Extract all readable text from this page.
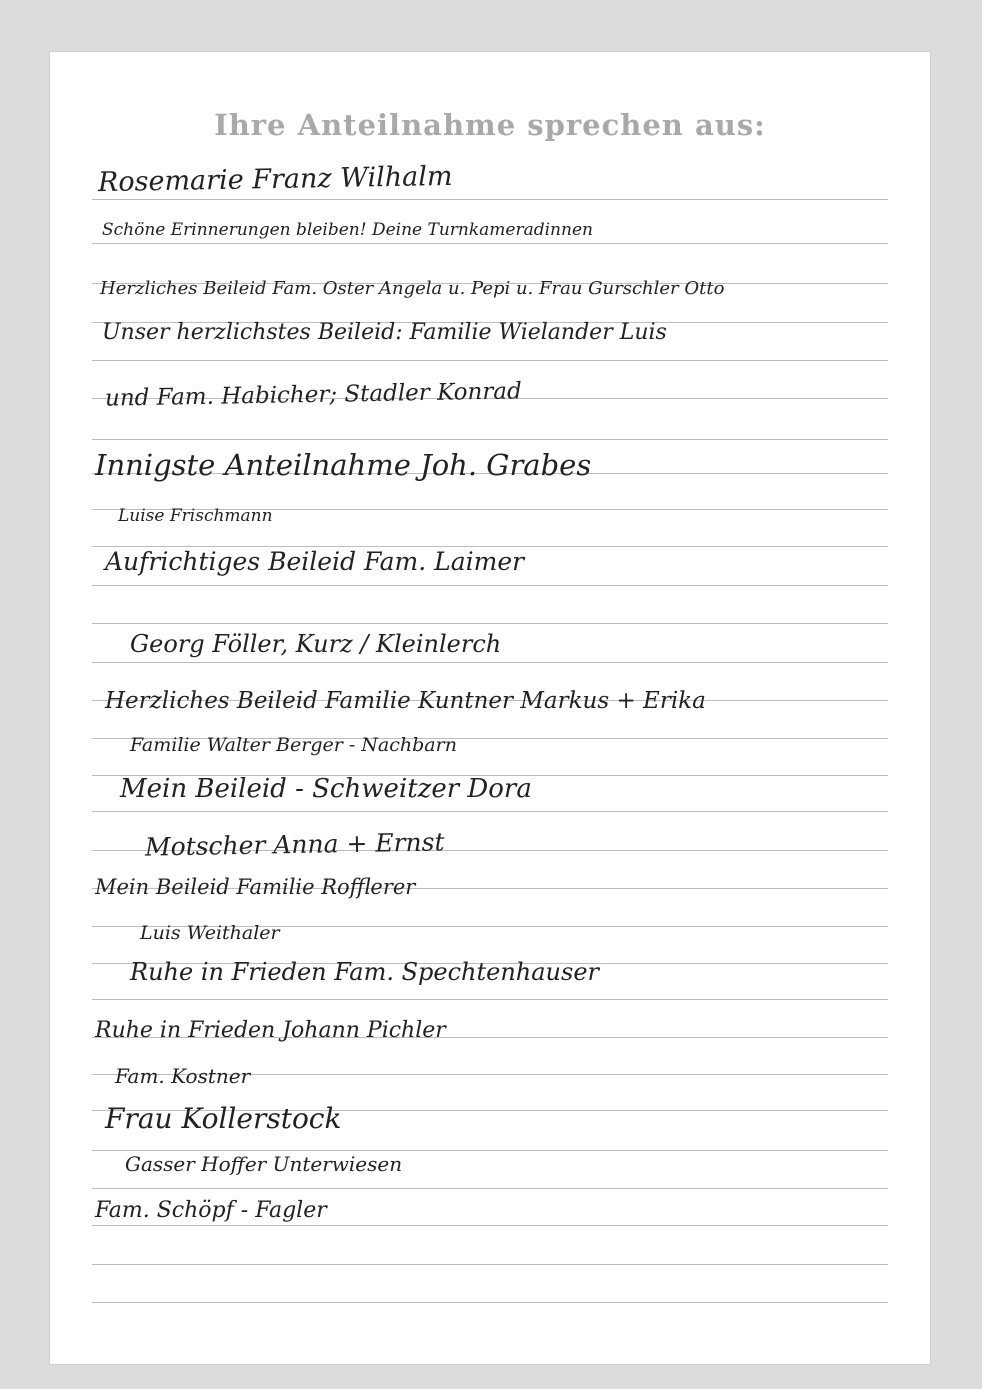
Ihre Anteilnahme sprechen aus:
Rosemarie Franz Wilhalm
Schöne Erinnerungen bleiben! Deine Turnkameradinnen
Herzliches Beileid Fam. Oster Angela u. Pepi u. Frau Gurschler Otto
Unser herzlichstes Beileid: Familie Wielander Luis
und Fam. Habicher; Stadler Konrad
Innigste Anteilnahme Joh. Grabes
Luise Frischmann
Aufrichtiges Beileid Fam. Laimer
Georg Föller, Kurz / Kleinlerch
Herzliches Beileid Familie Kuntner Markus + Erika
Familie Walter Berger - Nachbarn
Mein Beileid - Schweitzer Dora
Motscher Anna + Ernst
Mein Beileid Familie Rofflerer
Luis Weithaler
Ruhe in Frieden Fam. Spechtenhauser
Ruhe in Frieden Johann Pichler
Fam. Kostner
Frau Kollerstock
Gasser Hoffer Unterwiesen
Fam. Schöpf - Fagler
